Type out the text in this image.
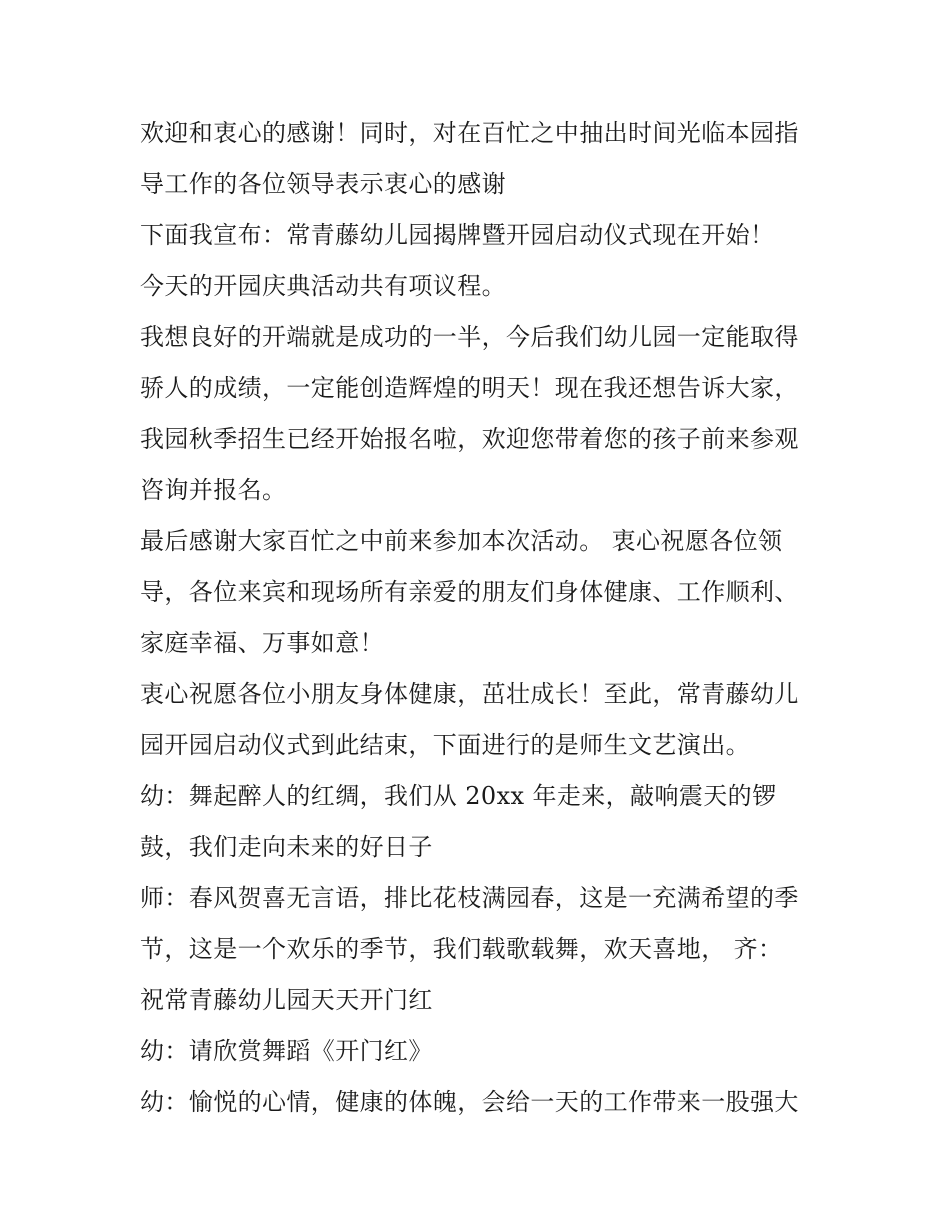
欢迎和衷心的感谢！同时，对在百忙之中抽出时间光临本园指
导工作的各位领导表示衷心的感谢
下面我宣布：常青藤幼儿园揭牌暨开园启动仪式现在开始！
今天的开园庆典活动共有项议程。
我想良好的开端就是成功的一半，今后我们幼儿园一定能取得
骄人的成绩，一定能创造辉煌的明天！现在我还想告诉大家，
我园秋季招生已经开始报名啦，欢迎您带着您的孩子前来参观
咨询并报名。
最后感谢大家百忙之中前来参加本次活动。 衷心祝愿各位领
导，各位来宾和现场所有亲爱的朋友们身体健康、工作顺利、
家庭幸福、万事如意！
衷心祝愿各位小朋友身体健康，茁壮成长！至此，常青藤幼儿
园开园启动仪式到此结束，下面进行的是师生文艺演出。
幼：舞起醉人的红绸，我们从 20xx 年走来，敲响震天的锣
鼓，我们走向未来的好日子
师：春风贺喜无言语，排比花枝满园春，这是一充满希望的季
节，这是一个欢乐的季节，我们载歌载舞，欢天喜地， 齐：
祝常青藤幼儿园天天开门红
幼：请欣赏舞蹈《开门红》
幼：愉悦的心情，健康的体魄，会给一天的工作带来一股强大
